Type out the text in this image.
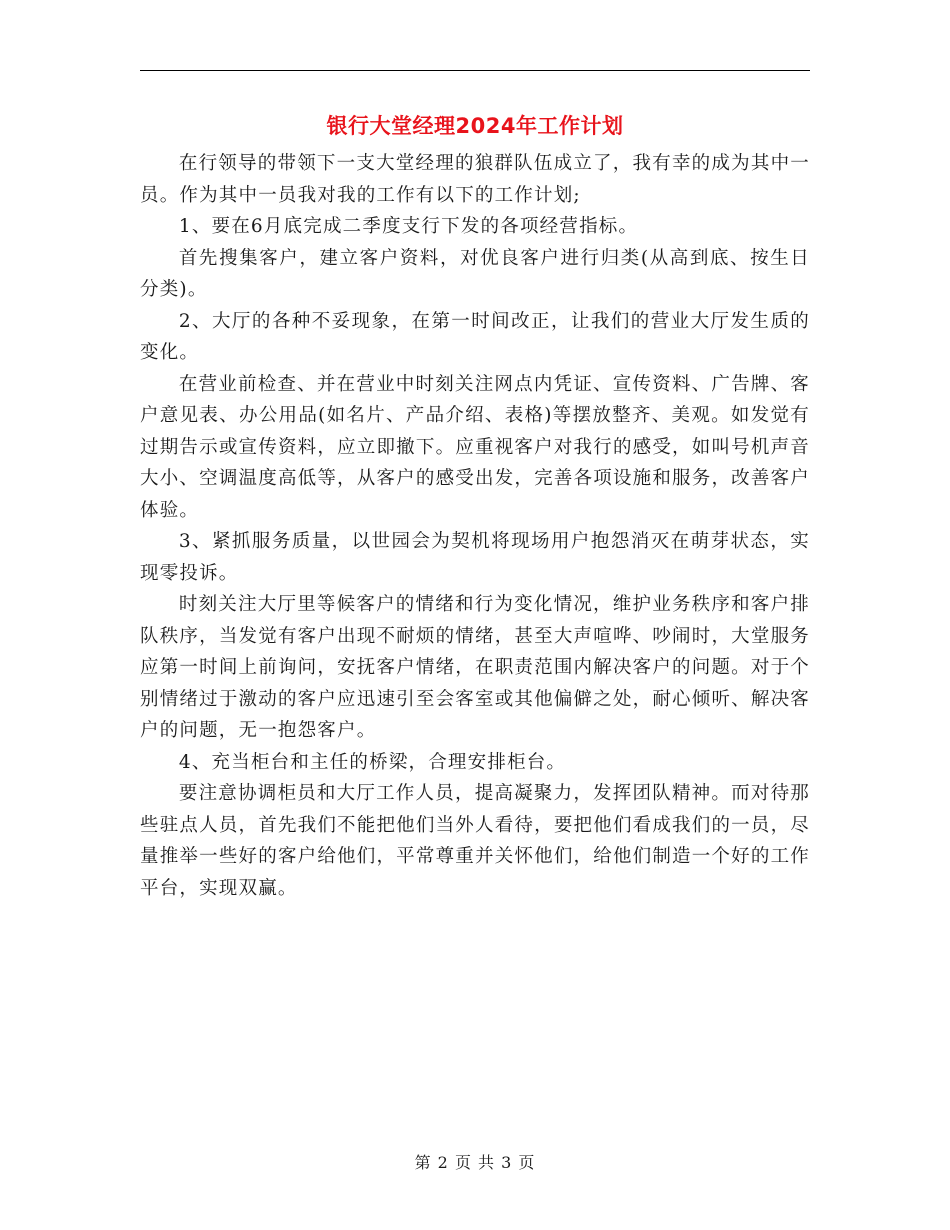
银行大堂经理2024年工作计划

在行领导的带领下一支大堂经理的狼群队伍成立了，我有幸的成为其中一员。作为其中一员我对我的工作有以下的工作计划;

1、要在6月底完成二季度支行下发的各项经营指标。

首先搜集客户，建立客户资料，对优良客户进行归类(从高到底、按生日分类)。

2、大厅的各种不妥现象，在第一时间改正，让我们的营业大厅发生质的变化。

在营业前检查、并在营业中时刻关注网点内凭证、宣传资料、广告牌、客户意见表、办公用品(如名片、产品介绍、表格)等摆放整齐、美观。如发觉有过期告示或宣传资料，应立即撤下。应重视客户对我行的感受，如叫号机声音大小、空调温度高低等，从客户的感受出发，完善各项设施和服务，改善客户体验。

3、紧抓服务质量，以世园会为契机将现场用户抱怨消灭在萌芽状态，实现零投诉。

时刻关注大厅里等候客户的情绪和行为变化情况，维护业务秩序和客户排队秩序，当发觉有客户出现不耐烦的情绪，甚至大声喧哗、吵闹时，大堂服务应第一时间上前询问，安抚客户情绪，在职责范围内解决客户的问题。对于个别情绪过于激动的客户应迅速引至会客室或其他偏僻之处，耐心倾听、解决客户的问题，无一抱怨客户。

4、充当柜台和主任的桥梁，合理安排柜台。

要注意协调柜员和大厅工作人员，提高凝聚力，发挥团队精神。而对待那些驻点人员，首先我们不能把他们当外人看待，要把他们看成我们的一员，尽量推举一些好的客户给他们，平常尊重并关怀他们，给他们制造一个好的工作平台，实现双赢。

第 2 页 共 3 页
